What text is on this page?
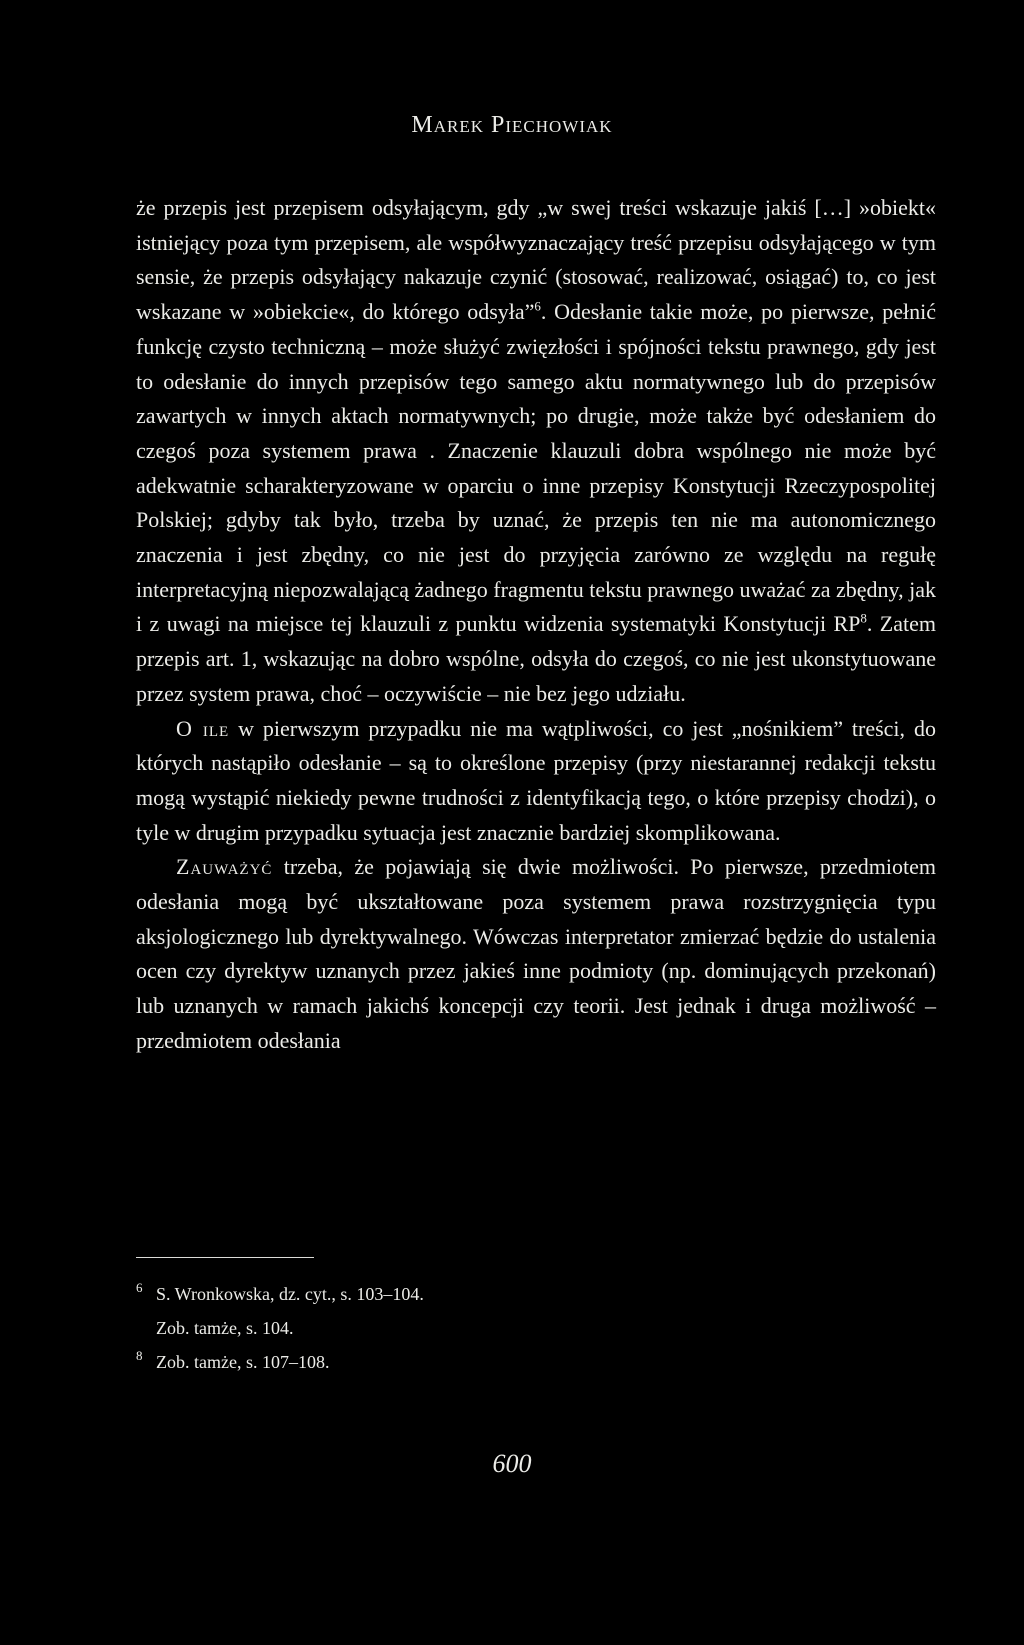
Marek Piechowiak

że przepis jest przepisem odsyłającym, gdy „w swej treści wskazuje jakiś […] »obiekt« istniejący poza tym przepisem, ale współwyznaczający treść przepisu odsyłającego w tym sensie, że przepis odsyłający nakazuje czynić (stosować, realizować, osiągać) to, co jest wskazane w »obiekcie«, do którego odsyła”$^6$. Odesłanie takie może, po pierwsze, pełnić funkcję czysto techniczną – może służyć zwięzłości i spójności tekstu prawnego, gdy jest to odesłanie do innych przepisów tego samego aktu normatywnego lub do przepisów zawartych w innych aktach normatywnych; po drugie, może także być odesłaniem do czegoś poza systemem prawa . Znaczenie klauzuli dobra wspólnego nie może być adekwatnie scharakteryzowane w oparciu o inne przepisy Konstytucji Rzeczypospolitej Polskiej; gdyby tak było, trzeba by uznać, że przepis ten nie ma autonomicznego znaczenia i jest zbędny, co nie jest do przyjęcia zarówno ze względu na regułę interpretacyjną niepozwalającą żadnego fragmentu tekstu prawnego uważać za zbędny, jak i z uwagi na miejsce tej klauzuli z punktu widzenia systematyki Konstytucji $RP^8$. Zatem przepis art. 1, wskazując na dobro wspólne, odsyła do czegoś, co nie jest ukonstytuowane przez system prawa, choć – oczywiście – nie bez jego udziału.

O ile w pierwszym przypadku nie ma wątpliwości, co jest „nośnikiem” treści, do których nastąpiło odesłanie – są to określone przepisy (przy niestarannej redakcji tekstu mogą wystąpić niekiedy pewne trudności z identyfikacją tego, o które przepisy chodzi), o tyle w drugim przypadku sytuacja jest znacznie bardziej skomplikowana.

Zauważyć trzeba, że pojawiają się dwie możliwości. Po pierwsze, przedmiotem odesłania mogą być ukształtowane poza systemem prawa rozstrzygnięcia typu aksjologicznego lub dyrektywalnego. Wówczas interpretator zmierzać będzie do ustalenia ocen czy dyrektyw uznanych przez jakieś inne podmioty (np. dominujących przekonań) lub uznanych w ramach jakichś koncepcji czy teorii. Jest jednak i druga możliwość – przedmiotem odesłania

6 S. Wronkowska, dz. cyt., s. 103–104.
Zob. tamże, s. 104.
8 Zob. tamże, s. 107–108.
600
